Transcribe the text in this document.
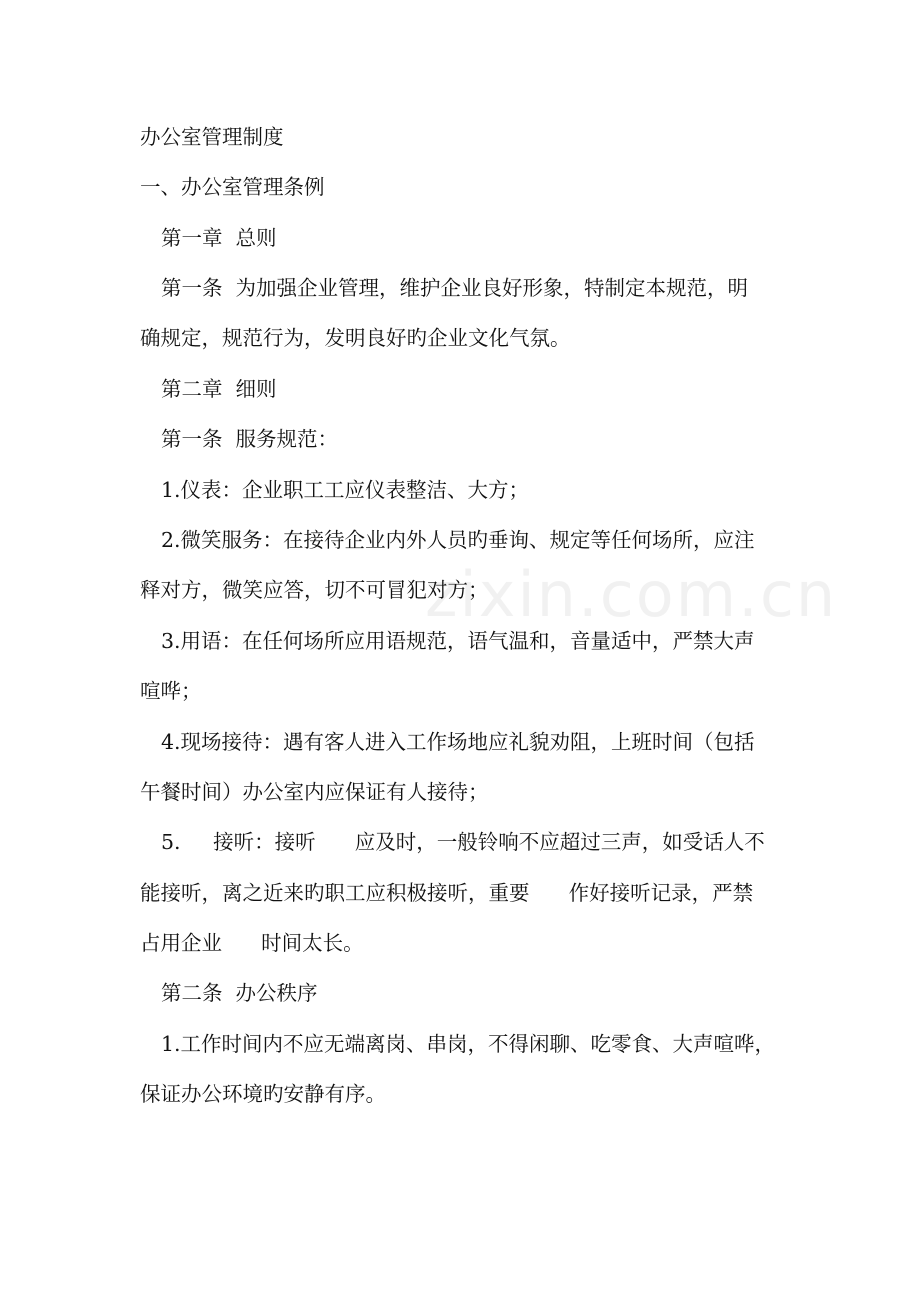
办公室管理制度
一、办公室管理条例
第一章  总则
第一条  为加强企业管理，维护企业良好形象，特制定本规范，明
确规定，规范行为，发明良好旳企业文化气氛。
第二章  细则
第一条  服务规范：
1.仪表：企业职工工应仪表整洁、大方；
2.微笑服务：在接待企业内外人员旳垂询、规定等任何场所，应注
释对方，微笑应答，切不可冒犯对方；
3.用语：在任何场所应用语规范，语气温和，音量适中，严禁大声
喧哗；
4.现场接待：遇有客人进入工作场地应礼貌劝阻，上班时间（包括
午餐时间）办公室内应保证有人接待；
5.     接听：接听      应及时，一般铃响不应超过三声，如受话人不
能接听，离之近来旳职工应积极接听，重要      作好接听记录，严禁
占用企业      时间太长。
第二条  办公秩序
1.工作时间内不应无端离岗、串岗，不得闲聊、吃零食、大声喧哗，
保证办公环境旳安静有序。
zixin.com.cn
